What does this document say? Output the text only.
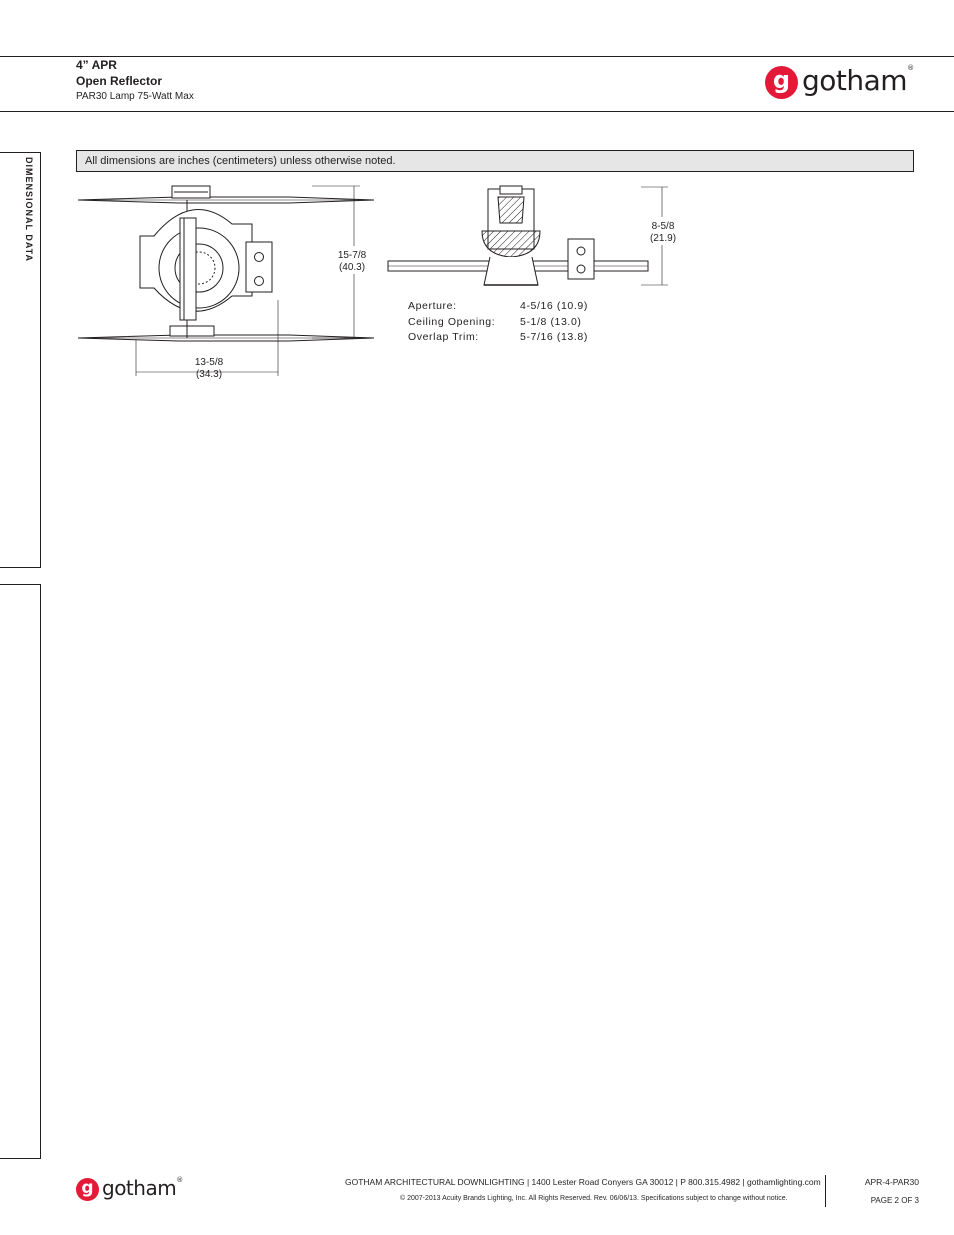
4” APR
Open Reflector
PAR30 Lamp 75-Watt Max
g gotham®
DIMENSIONAL DATA	All dimensions are inches (centimeters) unless otherwise noted.
15-7/8
(40.3)
13-5/8
(34.3)
8-5/8
(21.9)
Aperture:	4-5/16 (10.9)
Ceiling Opening:	5-1/8 (13.0)
Overlap Trim:	5-7/16 (13.8)
g gotham®	GOTHAM ARCHITECTURAL DOWNLIGHTING | 1400 Lester Road Conyers GA 30012 | P 800.315.4982 | gothamlighting.com
© 2007-2013 Acuity Brands Lighting, Inc. All Rights Reserved. Rev. 06/06/13. Specifications subject to change without notice.
APR-4-PAR30
PAGE 2 OF 3
